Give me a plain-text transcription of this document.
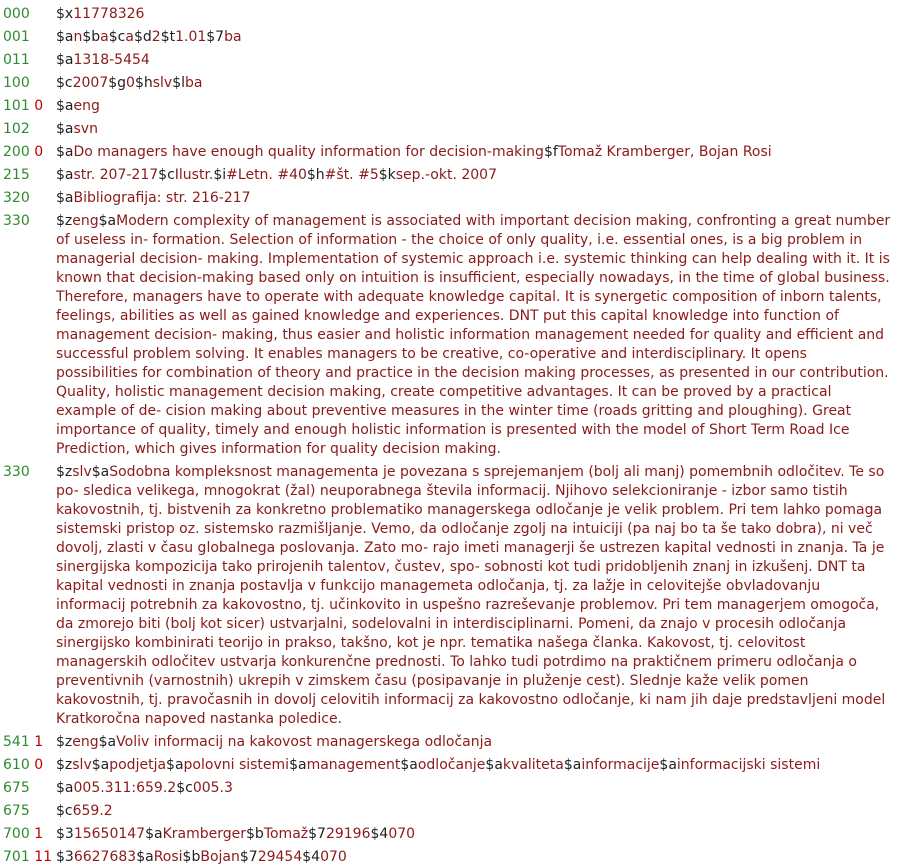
000	$x11778326
001	$an$ba$ca$d2$t1.01$7ba
011	$a1318-5454
100	$c2007$g0$hslv$lba
101 0 $aeng
102	$asvn
200 0 $aDo managers have enough quality information for decision-making$fTomaž Kramberger, Bojan Rosi
215	$astr. 207-217$cIlustr.$i#Letn. #40$h#št. #5$ksep.-okt. 2007
320	$aBibliografija: str. 216-217
330	$zeng$aModern complexity of management is associated with important decision making, confronting a great number of useless in- formation. Selection of information - the choice of only quality, i.e. essential ones, is a big problem in managerial decision- making. Implementation of systemic approach i.e. systemic thinking can help dealing with it. It is known that decision-making based only on intuition is insufficient, especially nowadays, in the time of global business. Therefore, managers have to operate with adequate knowledge capital. It is synergetic composition of inborn talents, feelings, abilities as well as gained knowledge and experiences. DNT put this capital knowledge into function of management decision- making, thus easier and holistic information management needed for quality and efficient and successful problem solving. It enables managers to be creative, co-operative and interdisciplinary. It opens possibilities for combination of theory and practice in the decision making processes, as presented in our contribution. Quality, holistic management decision making, create competitive advantages. It can be proved by a practical example of de- cision making about preventive measures in the winter time (roads gritting and ploughing). Great importance of quality, timely and enough holistic information is presented with the model of Short Term Road Ice Prediction, which gives information for quality decision making.
330	$zslv$aSodobna kompleksnost managementa je povezana s sprejemanjem (bolj ali manj) pomembnih odločitev. Te so po- sledica velikega, mnogokrat (žal) neuporabnega števila informacij. Njihovo selekcioniranje - izbor samo tistih kakovostnih, tj. bistvenih za konkretno problematiko managerskega odločanje je velik problem. Pri tem lahko pomaga sistemski pristop oz. sistemsko razmišljanje. Vemo, da odločanje zgolj na intuiciji (pa naj bo ta še tako dobra), ni več dovolj, zlasti v času globalnega poslovanja. Zato mo- rajo imeti managerji še ustrezen kapital vednosti in znanja. Ta je sinergijska kompozicija tako prirojenih talentov, čustev, spo- sobnosti kot tudi pridobljenih znanj in izkušenj. DNT ta kapital vednosti in znanja postavlja v funkcijo managemeta odločanja, tj. za lažje in celovitejše obvladovanju informacij potrebnih za kakovostno, tj. učinkovito in uspešno razreševanje problemov. Pri tem managerjem omogoča, da zmorejo biti (bolj kot sicer) ustvarjalni, sodelovalni in interdisciplinarni. Pomeni, da znajo v procesih odločanja sinergijsko kombinirati teorijo in prakso, takšno, kot je npr. tematika našega članka. Kakovost, tj. celovitost managerskih odločitev ustvarja konkurenčne prednosti. To lahko tudi potrdimo na praktičnem primeru odločanja o preventivnih (varnostnih) ukrepih v zimskem času (posipavanje in pluženje cest). Slednje kaže velik pomen kakovostnih, tj. pravočasnih in dovolj celovitih informacij za kakovostno odločanje, ki nam jih daje predstavljeni model Kratkoročna napoved nastanka poledice.
541 1 $zeng$aVoliv informacij na kakovost managerskega odločanja
610 0 $zslv$apodjetja$apolovni sistemi$amanagement$aodločanje$akvaliteta$ainformacije$ainformacijski sistemi
675	$a005.311:659.2$c005.3
675	$c659.2
700 1 $315650147$aKramberger$bTomaž$729196$4070
701 11 $36627683$aRosi$bBojan$729454$4070
